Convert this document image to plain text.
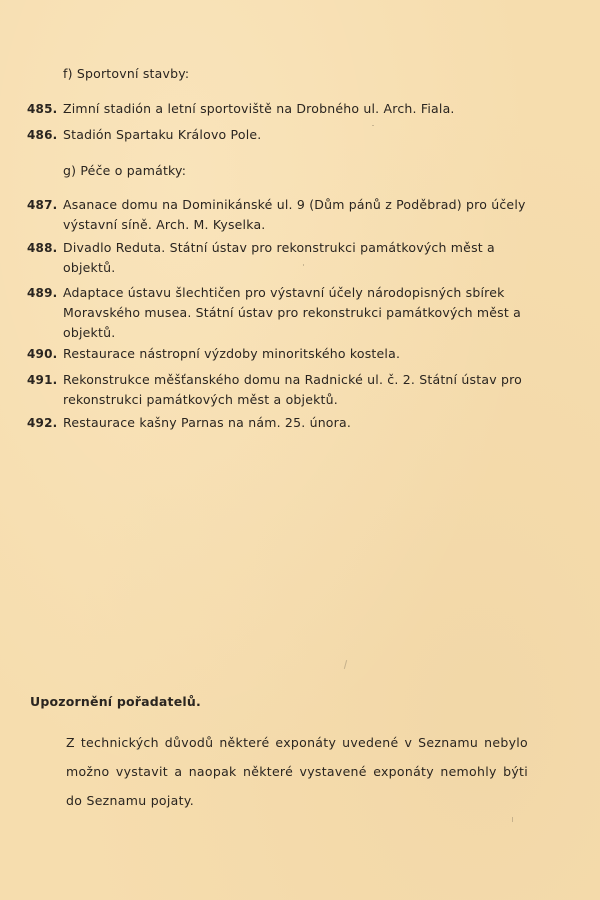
f) Sportovní stavby:
485. Zimní stadión a letní sportoviště na Drobného ul. Arch. Fiala.
486. Stadión Spartaku Královo Pole.
g) Péče o památky:
487. Asanace domu na Dominikánské ul. 9 (Dům pánů z Poděbrad) pro účely výstavní síně. Arch. M. Kyselka.
488. Divadlo Reduta. Státní ústav pro rekonstrukci památkových měst a objektů.
489. Adaptace ústavu šlechtičen pro výstavní účely národopisných sbírek Moravského musea. Státní ústav pro rekonstrukci památkových měst a objektů.
490. Restaurace nástropní výzdoby minoritského kostela.
491. Rekonstrukce měšťanského domu na Radnické ul. č. 2. Státní ústav pro rekonstrukci památkových měst a objektů.
492. Restaurace kašny Parnas na nám. 25. února.
Upozornění pořadatelů.
Z technických důvodů některé exponáty uvedené v Seznamu nebylo možno vystavit a naopak některé vystavené exponáty nemohly býti do Seznamu pojaty.
